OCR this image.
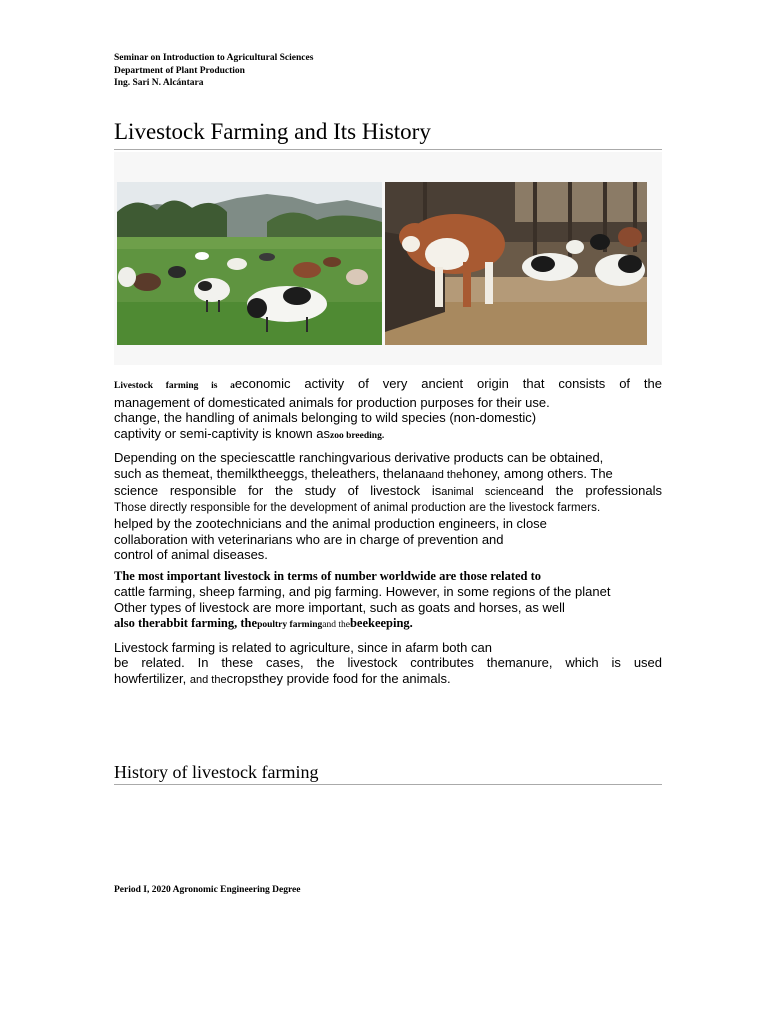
Seminar on Introduction to Agricultural Sciences
Department of Plant Production
Ing. Sari N. Alcántara
Livestock Farming and Its History
Livestock farming is aeconomic activity of very ancient origin that consists of the
management of domesticated animals for production purposes for their use.
change, the handling of animals belonging to wild species (non-domestic)
captivity or semi-captivity is known aszoo breeding.
Depending on the speciescattle ranchingvarious derivative products can be obtained,
such as themeat, themilktheeggs, theleathers, thelanaand thehoney, among others. The
science responsible for the study of livestock isanimal scienceand the professionals
Those directly responsible for the development of animal production are the livestock farmers.
helped by the zootechnicians and the animal production engineers, in close
collaboration with veterinarians who are in charge of prevention and
control of animal diseases.
The most important livestock in terms of number worldwide are those related to
cattle farming, sheep farming, and pig farming. However, in some regions of the planet
Other types of livestock are more important, such as goats and horses, as well
also therabbit farming, thepoultry farmingand thebeekeeping.
Livestock farming is related to agriculture, since in afarm both can
be related. In these cases, the livestock contributes themanure, which is used
howfertilizer, and thecropsthey provide food for the animals.
History of livestock farming
Period I, 2020 Agronomic Engineering Degree
